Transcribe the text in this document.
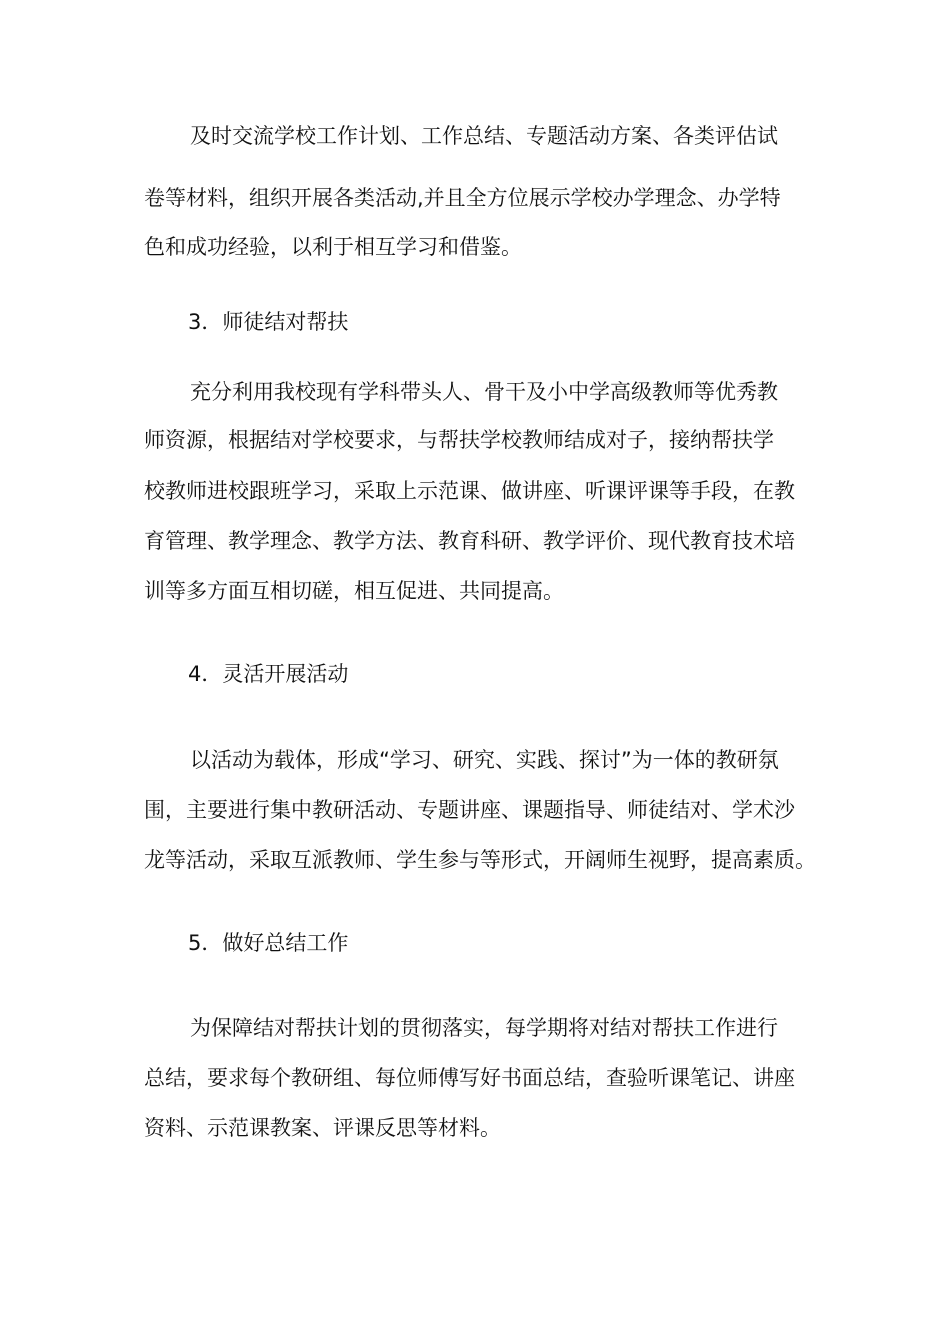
及时交流学校工作计划、工作总结、专题活动方案、各类评估试
卷等材料，组织开展各类活动,并且全方位展示学校办学理念、办学特
色和成功经验，以利于相互学习和借鉴。
3．师徒结对帮扶
充分利用我校现有学科带头人、骨干及小中学高级教师等优秀教
师资源，根据结对学校要求，与帮扶学校教师结成对子，接纳帮扶学
校教师进校跟班学习，采取上示范课、做讲座、听课评课等手段，在教
育管理、教学理念、教学方法、教育科研、教学评价、现代教育技术培
训等多方面互相切磋，相互促进、共同提高。
4．灵活开展活动
以活动为载体，形成“学习、研究、实践、探讨”为一体的教研氛
围，主要进行集中教研活动、专题讲座、课题指导、师徒结对、学术沙
龙等活动，采取互派教师、学生参与等形式，开阔师生视野，提高素质。
5．做好总结工作
为保障结对帮扶计划的贯彻落实，每学期将对结对帮扶工作进行
总结，要求每个教研组、每位师傅写好书面总结，查验听课笔记、讲座
资料、示范课教案、评课反思等材料。
